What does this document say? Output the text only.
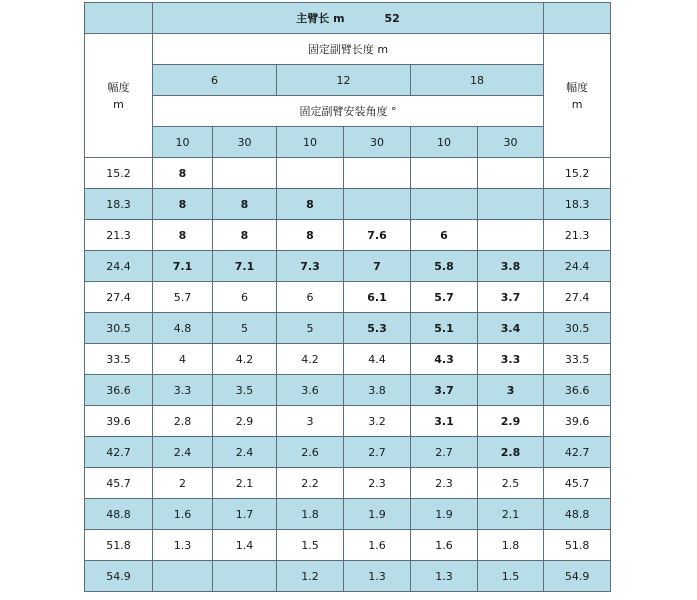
	主臂长 m 52						

幅度
m	固定副臂长度 m						幅度
m

	6		12		18		
	固定副臂安装角度 °						
	10	30	10	30	10	30	
15.2	8						15.2
18.3	8	8	8				18.3
21.3	8	8	8	7.6	6		21.3
24.4	7.1	7.1	7.3	7	5.8	3.8	24.4
27.4	5.7	6	6	6.1	5.7	3.7	27.4
30.5	4.8	5	5	5.3	5.1	3.4	30.5
33.5	4	4.2	4.2	4.4	4.3	3.3	33.5
36.6	3.3	3.5	3.6	3.8	3.7	3	36.6
39.6	2.8	2.9	3	3.2	3.1	2.9	39.6
42.7	2.4	2.4	2.6	2.7	2.7	2.8	42.7
45.7	2	2.1	2.2	2.3	2.3	2.5	45.7
48.8	1.6	1.7	1.8	1.9	1.9	2.1	48.8
51.8	1.3	1.4	1.5	1.6	1.6	1.8	51.8
54.9			1.2	1.3	1.3	1.5	54.9
